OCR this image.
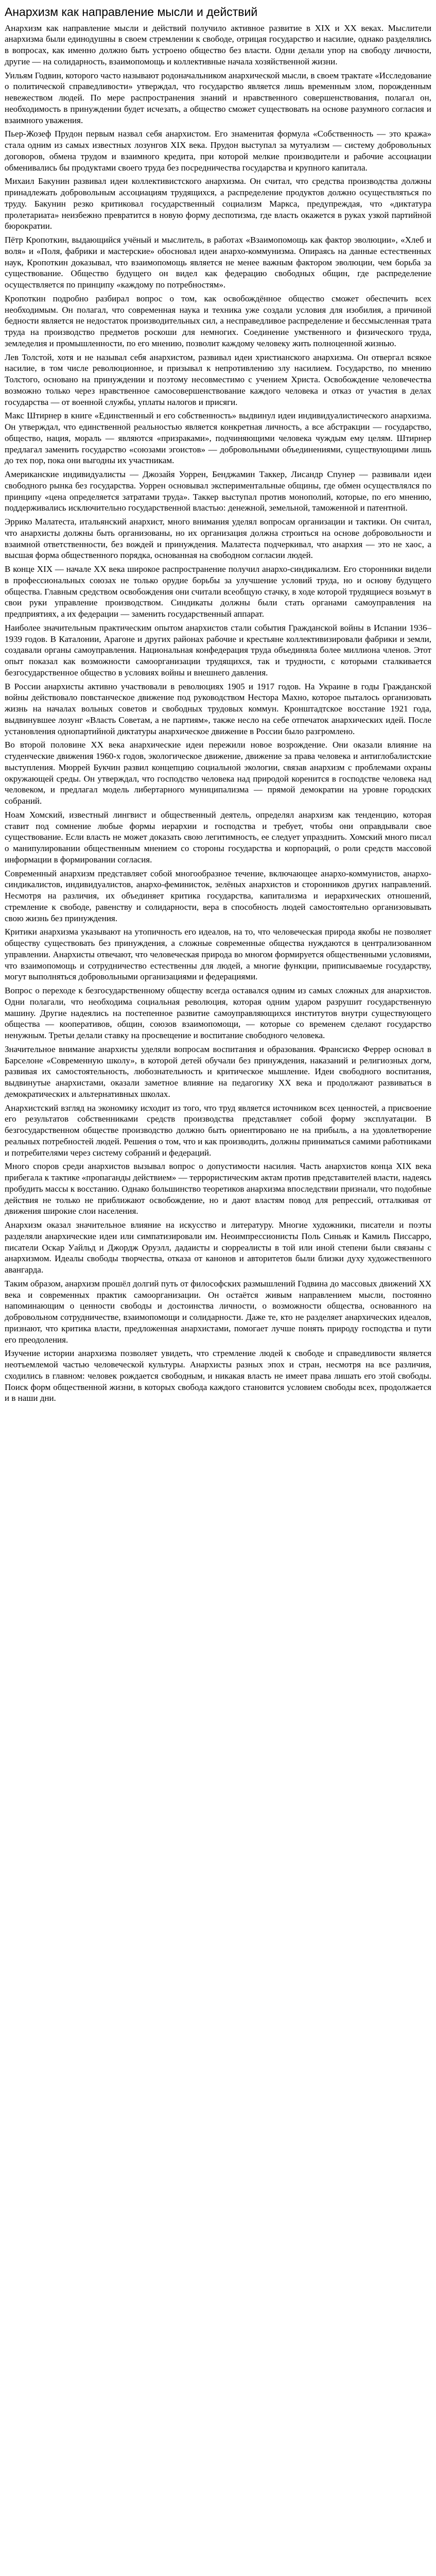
Анархизм как направление мысли и действий

Анархизм как направление мысли и действий получило активное развитие в XIX и XX веках. Мыслители анархизма были единодушны в своем стремлении к свободе, отрицая государство и насилие, однако разделялись в вопросах, как именно должно быть устроено общество без власти. Одни делали упор на свободу личности, другие — на солидарность, взаимопомощь и коллективные начала хозяйственной жизни.

Уильям Годвин, которого часто называют родоначальником анархической мысли, в своем трактате «Исследование о политической справедливости» утверждал, что государство является лишь временным злом, порожденным невежеством людей. По мере распространения знаний и нравственного совершенствования, полагал он, необходимость в принуждении будет исчезать, а общество сможет существовать на основе разумного согласия и взаимного уважения.

Пьер-Жозеф Прудон первым назвал себя анархистом. Его знаменитая формула «Собственность — это кража» стала одним из самых известных лозунгов XIX века. Прудон выступал за мутуализм — систему добровольных договоров, обмена трудом и взаимного кредита, при которой мелкие производители и рабочие ассоциации обменивались бы продуктами своего труда без посредничества государства и крупного капитала.

Михаил Бакунин развивал идеи коллективистского анархизма. Он считал, что средства производства должны принадлежать добровольным ассоциациям трудящихся, а распределение продуктов должно осуществляться по труду. Бакунин резко критиковал государственный социализм Маркса, предупреждая, что «диктатура пролетариата» неизбежно превратится в новую форму деспотизма, где власть окажется в руках узкой партийной бюрократии.

Пётр Кропоткин, выдающийся учёный и мыслитель, в работах «Взаимопомощь как фактор эволюции», «Хлеб и воля» и «Поля, фабрики и мастерские» обосновал идеи анархо-коммунизма. Опираясь на данные естественных наук, Кропоткин доказывал, что взаимопомощь является не менее важным фактором эволюции, чем борьба за существование. Общество будущего он видел как федерацию свободных общин, где распределение осуществляется по принципу «каждому по потребностям».

Кропоткин подробно разбирал вопрос о том, как освобождённое общество сможет обеспечить всех необходимым. Он полагал, что современная наука и техника уже создали условия для изобилия, а причиной бедности является не недостаток производительных сил, а несправедливое распределение и бессмысленная трата труда на производство предметов роскоши для немногих. Соединение умственного и физического труда, земледелия и промышленности, по его мнению, позволит каждому человеку жить полноценной жизнью.

Лев Толстой, хотя и не называл себя анархистом, развивал идеи христианского анархизма. Он отвергал всякое насилие, в том числе революционное, и призывал к непротивлению злу насилием. Государство, по мнению Толстого, основано на принуждении и поэтому несовместимо с учением Христа. Освобождение человечества возможно только через нравственное самосовершенствование каждого человека и отказ от участия в делах государства — от военной службы, уплаты налогов и присяги.

Макс Штирнер в книге «Единственный и его собственность» выдвинул идеи индивидуалистического анархизма. Он утверждал, что единственной реальностью является конкретная личность, а все абстракции — государство, общество, нация, мораль — являются «призраками», подчиняющими человека чуждым ему целям. Штирнер предлагал заменить государство «союзами эгоистов» — добровольными объединениями, существующими лишь до тех пор, пока они выгодны их участникам.

Американские индивидуалисты — Джозайя Уоррен, Бенджамин Таккер, Лисандр Спунер — развивали идеи свободного рынка без государства. Уоррен основывал экспериментальные общины, где обмен осуществлялся по принципу «цена определяется затратами труда». Таккер выступал против монополий, которые, по его мнению, поддерживались исключительно государственной властью: денежной, земельной, таможенной и патентной.

Эррико Малатеста, итальянский анархист, много внимания уделял вопросам организации и тактики. Он считал, что анархисты должны быть организованы, но их организация должна строиться на основе добровольности и взаимной ответственности, без вождей и принуждения. Малатеста подчеркивал, что анархия — это не хаос, а высшая форма общественного порядка, основанная на свободном согласии людей.

В конце XIX — начале XX века широкое распространение получил анархо-синдикализм. Его сторонники видели в профессиональных союзах не только орудие борьбы за улучшение условий труда, но и основу будущего общества. Главным средством освобождения они считали всеобщую стачку, в ходе которой трудящиеся возьмут в свои руки управление производством. Синдикаты должны были стать органами самоуправления на предприятиях, а их федерации — заменить государственный аппарат.

Наиболее значительным практическим опытом анархистов стали события Гражданской войны в Испании 1936–1939 годов. В Каталонии, Арагоне и других районах рабочие и крестьяне коллективизировали фабрики и земли, создавали органы самоуправления. Национальная конфедерация труда объединяла более миллиона членов. Этот опыт показал как возможности самоорганизации трудящихся, так и трудности, с которыми сталкивается безгосударственное общество в условиях войны и внешнего давления.

В России анархисты активно участвовали в революциях 1905 и 1917 годов. На Украине в годы Гражданской войны действовало повстанческое движение под руководством Нестора Махно, которое пыталось организовать жизнь на началах вольных советов и свободных трудовых коммун. Кронштадтское восстание 1921 года, выдвинувшее лозунг «Власть Советам, а не партиям», также несло на себе отпечаток анархических идей. После установления однопартийной диктатуры анархическое движение в России было разгромлено.

Во второй половине XX века анархические идеи пережили новое возрождение. Они оказали влияние на студенческие движения 1960-х годов, экологическое движение, движение за права человека и антиглобалистские выступления. Мюррей Букчин развил концепцию социальной экологии, связав анархизм с проблемами охраны окружающей среды. Он утверждал, что господство человека над природой коренится в господстве человека над человеком, и предлагал модель либертарного муниципализма — прямой демократии на уровне городских собраний.

Ноам Хомский, известный лингвист и общественный деятель, определял анархизм как тенденцию, которая ставит под сомнение любые формы иерархии и господства и требует, чтобы они оправдывали свое существование. Если власть не может доказать свою легитимность, ее следует упразднить. Хомский много писал о манипулировании общественным мнением со стороны государства и корпораций, о роли средств массовой информации в формировании согласия.

Современный анархизм представляет собой многообразное течение, включающее анархо-коммунистов, анархо-синдикалистов, индивидуалистов, анархо-феминисток, зелёных анархистов и сторонников других направлений. Несмотря на различия, их объединяет критика государства, капитализма и иерархических отношений, стремление к свободе, равенству и солидарности, вера в способность людей самостоятельно организовывать свою жизнь без принуждения.

Критики анархизма указывают на утопичность его идеалов, на то, что человеческая природа якобы не позволяет обществу существовать без принуждения, а сложные современные общества нуждаются в централизованном управлении. Анархисты отвечают, что человеческая природа во многом формируется общественными условиями, что взаимопомощь и сотрудничество естественны для людей, а многие функции, приписываемые государству, могут выполняться добровольными организациями и федерациями.

Вопрос о переходе к безгосударственному обществу всегда оставался одним из самых сложных для анархистов. Одни полагали, что необходима социальная революция, которая одним ударом разрушит государственную машину. Другие надеялись на постепенное развитие самоуправляющихся институтов внутри существующего общества — кооперативов, общин, союзов взаимопомощи, — которые со временем сделают государство ненужным. Третьи делали ставку на просвещение и воспитание свободного человека.

Значительное внимание анархисты уделяли вопросам воспитания и образования. Франсиско Феррер основал в Барселоне «Современную школу», в которой детей обучали без принуждения, наказаний и религиозных догм, развивая их самостоятельность, любознательность и критическое мышление. Идеи свободного воспитания, выдвинутые анархистами, оказали заметное влияние на педагогику XX века и продолжают развиваться в демократических и альтернативных школах.

Анархистский взгляд на экономику исходит из того, что труд является источником всех ценностей, а присвоение его результатов собственниками средств производства представляет собой форму эксплуатации. В безгосударственном обществе производство должно быть ориентировано не на прибыль, а на удовлетворение реальных потребностей людей. Решения о том, что и как производить, должны приниматься самими работниками и потребителями через систему собраний и федераций.

Много споров среди анархистов вызывал вопрос о допустимости насилия. Часть анархистов конца XIX века прибегала к тактике «пропаганды действием» — террористическим актам против представителей власти, надеясь пробудить массы к восстанию. Однако большинство теоретиков анархизма впоследствии признали, что подобные действия не только не приближают освобождение, но и дают властям повод для репрессий, отталкивая от движения широкие слои населения.

Анархизм оказал значительное влияние на искусство и литературу. Многие художники, писатели и поэты разделяли анархические идеи или симпатизировали им. Неоимпрессионисты Поль Синьяк и Камиль Писсарро, писатели Оскар Уайльд и Джордж Оруэлл, дадаисты и сюрреалисты в той или иной степени были связаны с анархизмом. Идеалы свободы творчества, отказа от канонов и авторитетов были близки духу художественного авангарда.

Таким образом, анархизм прошёл долгий путь от философских размышлений Годвина до массовых движений XX века и современных практик самоорганизации. Он остаётся живым направлением мысли, постоянно напоминающим о ценности свободы и достоинства личности, о возможности общества, основанного на добровольном сотрудничестве, взаимопомощи и солидарности. Даже те, кто не разделяет анархических идеалов, признают, что критика власти, предложенная анархистами, помогает лучше понять природу господства и пути его преодоления.

Изучение истории анархизма позволяет увидеть, что стремление людей к свободе и справедливости является неотъемлемой частью человеческой культуры. Анархисты разных эпох и стран, несмотря на все различия, сходились в главном: человек рождается свободным, и никакая власть не имеет права лишать его этой свободы. Поиск форм общественной жизни, в которых свобода каждого становится условием свободы всех, продолжается и в наши дни.
